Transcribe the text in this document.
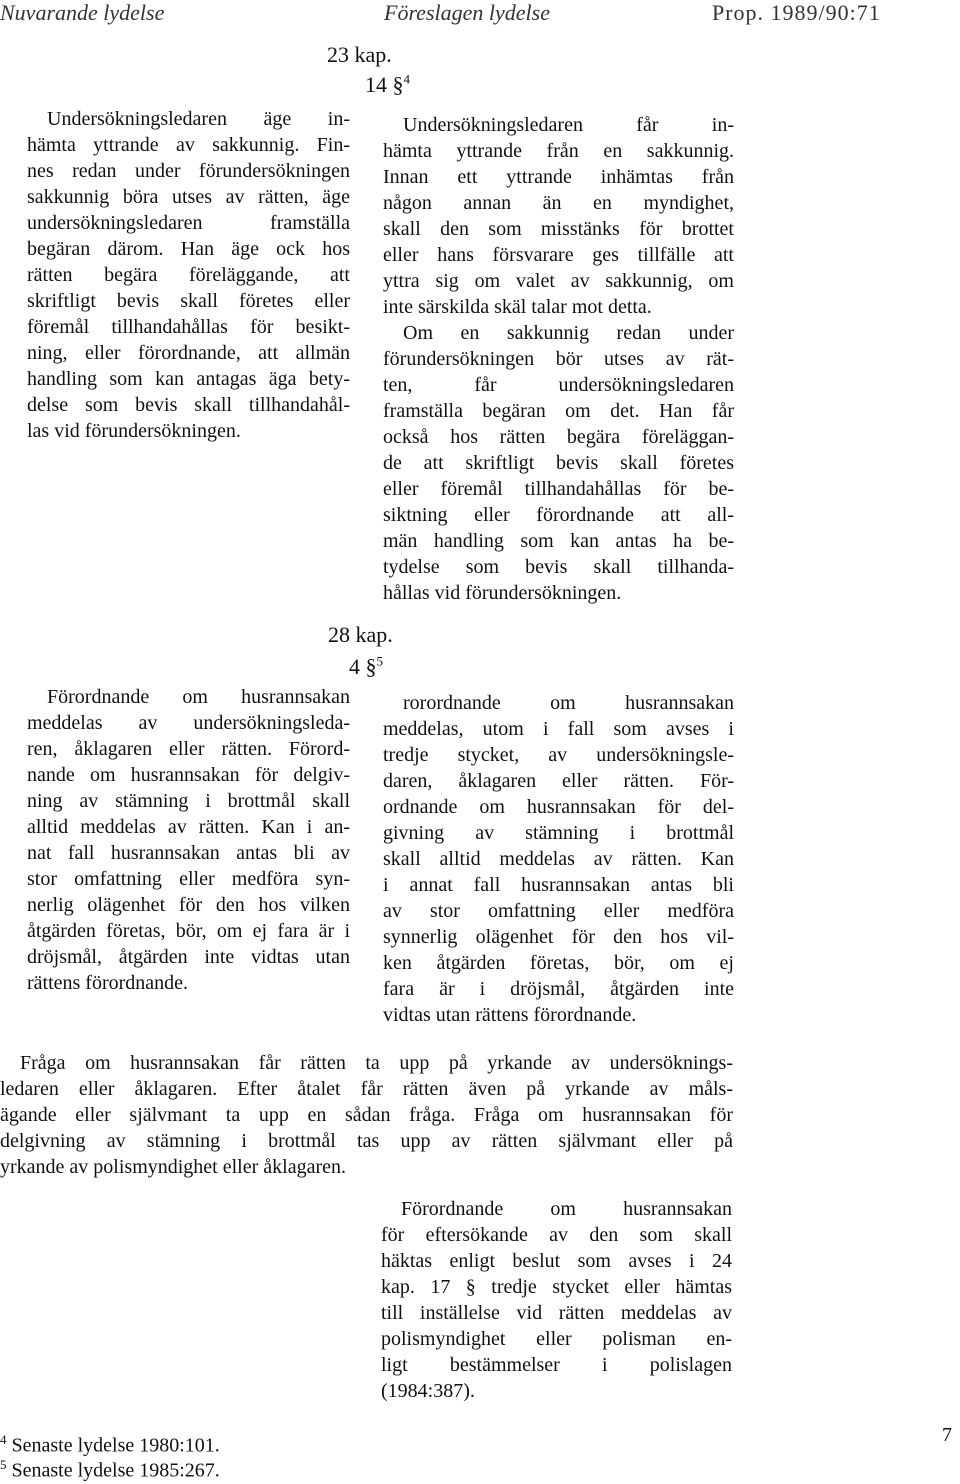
Nuvarande lydelse	Föreslagen lydelse	Prop. 1989/90:71
23 kap.
14 §$^4$
Undersökningsledaren äge in-
hämta yttrande av sakkunnig. Fin-
nes redan under förundersökningen
sakkunnig böra utses av rätten, äge
undersökningsledaren framställa
begäran därom. Han äge ock hos
rätten begära föreläggande, att
skriftligt bevis skall företes eller
föremål tillhandahållas för besikt-
ning, eller förordnande, att allmän
handling som kan antagas äga bety-
delse som bevis skall tillhandahål-
las vid förundersökningen.
Undersökningsledaren får in-
hämta yttrande från en sakkunnig.
Innan ett yttrande inhämtas från
någon annan än en myndighet,
skall den som misstänks för brottet
eller hans försvarare ges tillfälle att
yttra sig om valet av sakkunnig, om
inte särskilda skäl talar mot detta.
Om en sakkunnig redan under
förundersökningen bör utses av rät-
ten, får undersökningsledaren
framställa begäran om det. Han får
också hos rätten begära föreläggan-
de att skriftligt bevis skall företes
eller föremål tillhandahållas för be-
siktning eller förordnande att all-
män handling som kan antas ha be-
tydelse som bevis skall tillhanda-
hållas vid förundersökningen.
28 kap.
4 §$^5$
Förordnande om husrannsakan
meddelas av undersökningsleda-
ren, åklagaren eller rätten. Förord-
nande om husrannsakan för delgiv-
ning av stämning i brottmål skall
alltid meddelas av rätten. Kan i an-
nat fall husrannsakan antas bli av
stor omfattning eller medföra syn-
nerlig olägenhet för den hos vilken
åtgärden företas, bör, om ej fara är i
dröjsmål, åtgärden inte vidtas utan
rättens förordnande.
rorordnande om husrannsakan
meddelas, utom i fall som avses i
tredje stycket, av undersökningsle-
daren, åklagaren eller rätten. För-
ordnande om husrannsakan för del-
givning av stämning i brottmål
skall alltid meddelas av rätten. Kan
i annat fall husrannsakan antas bli
av stor omfattning eller medföra
synnerlig olägenhet för den hos vil-
ken åtgärden företas, bör, om ej
fara är i dröjsmål, åtgärden inte
vidtas utan rättens förordnande.
Fråga om husrannsakan får rätten ta upp på yrkande av undersöknings-
ledaren eller åklagaren. Efter åtalet får rätten även på yrkande av måls-
ägande eller självmant ta upp en sådan fråga. Fråga om husrannsakan för
delgivning av stämning i brottmål tas upp av rätten självmant eller på
yrkande av polismyndighet eller åklagaren.
Förordnande om husrannsakan
för eftersökande av den som skall
häktas enligt beslut som avses i 24
kap. 17 § tredje stycket eller hämtas
till inställelse vid rätten meddelas av
polismyndighet eller polisman en-
ligt bestämmelser i polislagen
(1984:387).
$^4$ Senaste lydelse 1980:101.
$^5$ Senaste lydelse 1985:267.
7
